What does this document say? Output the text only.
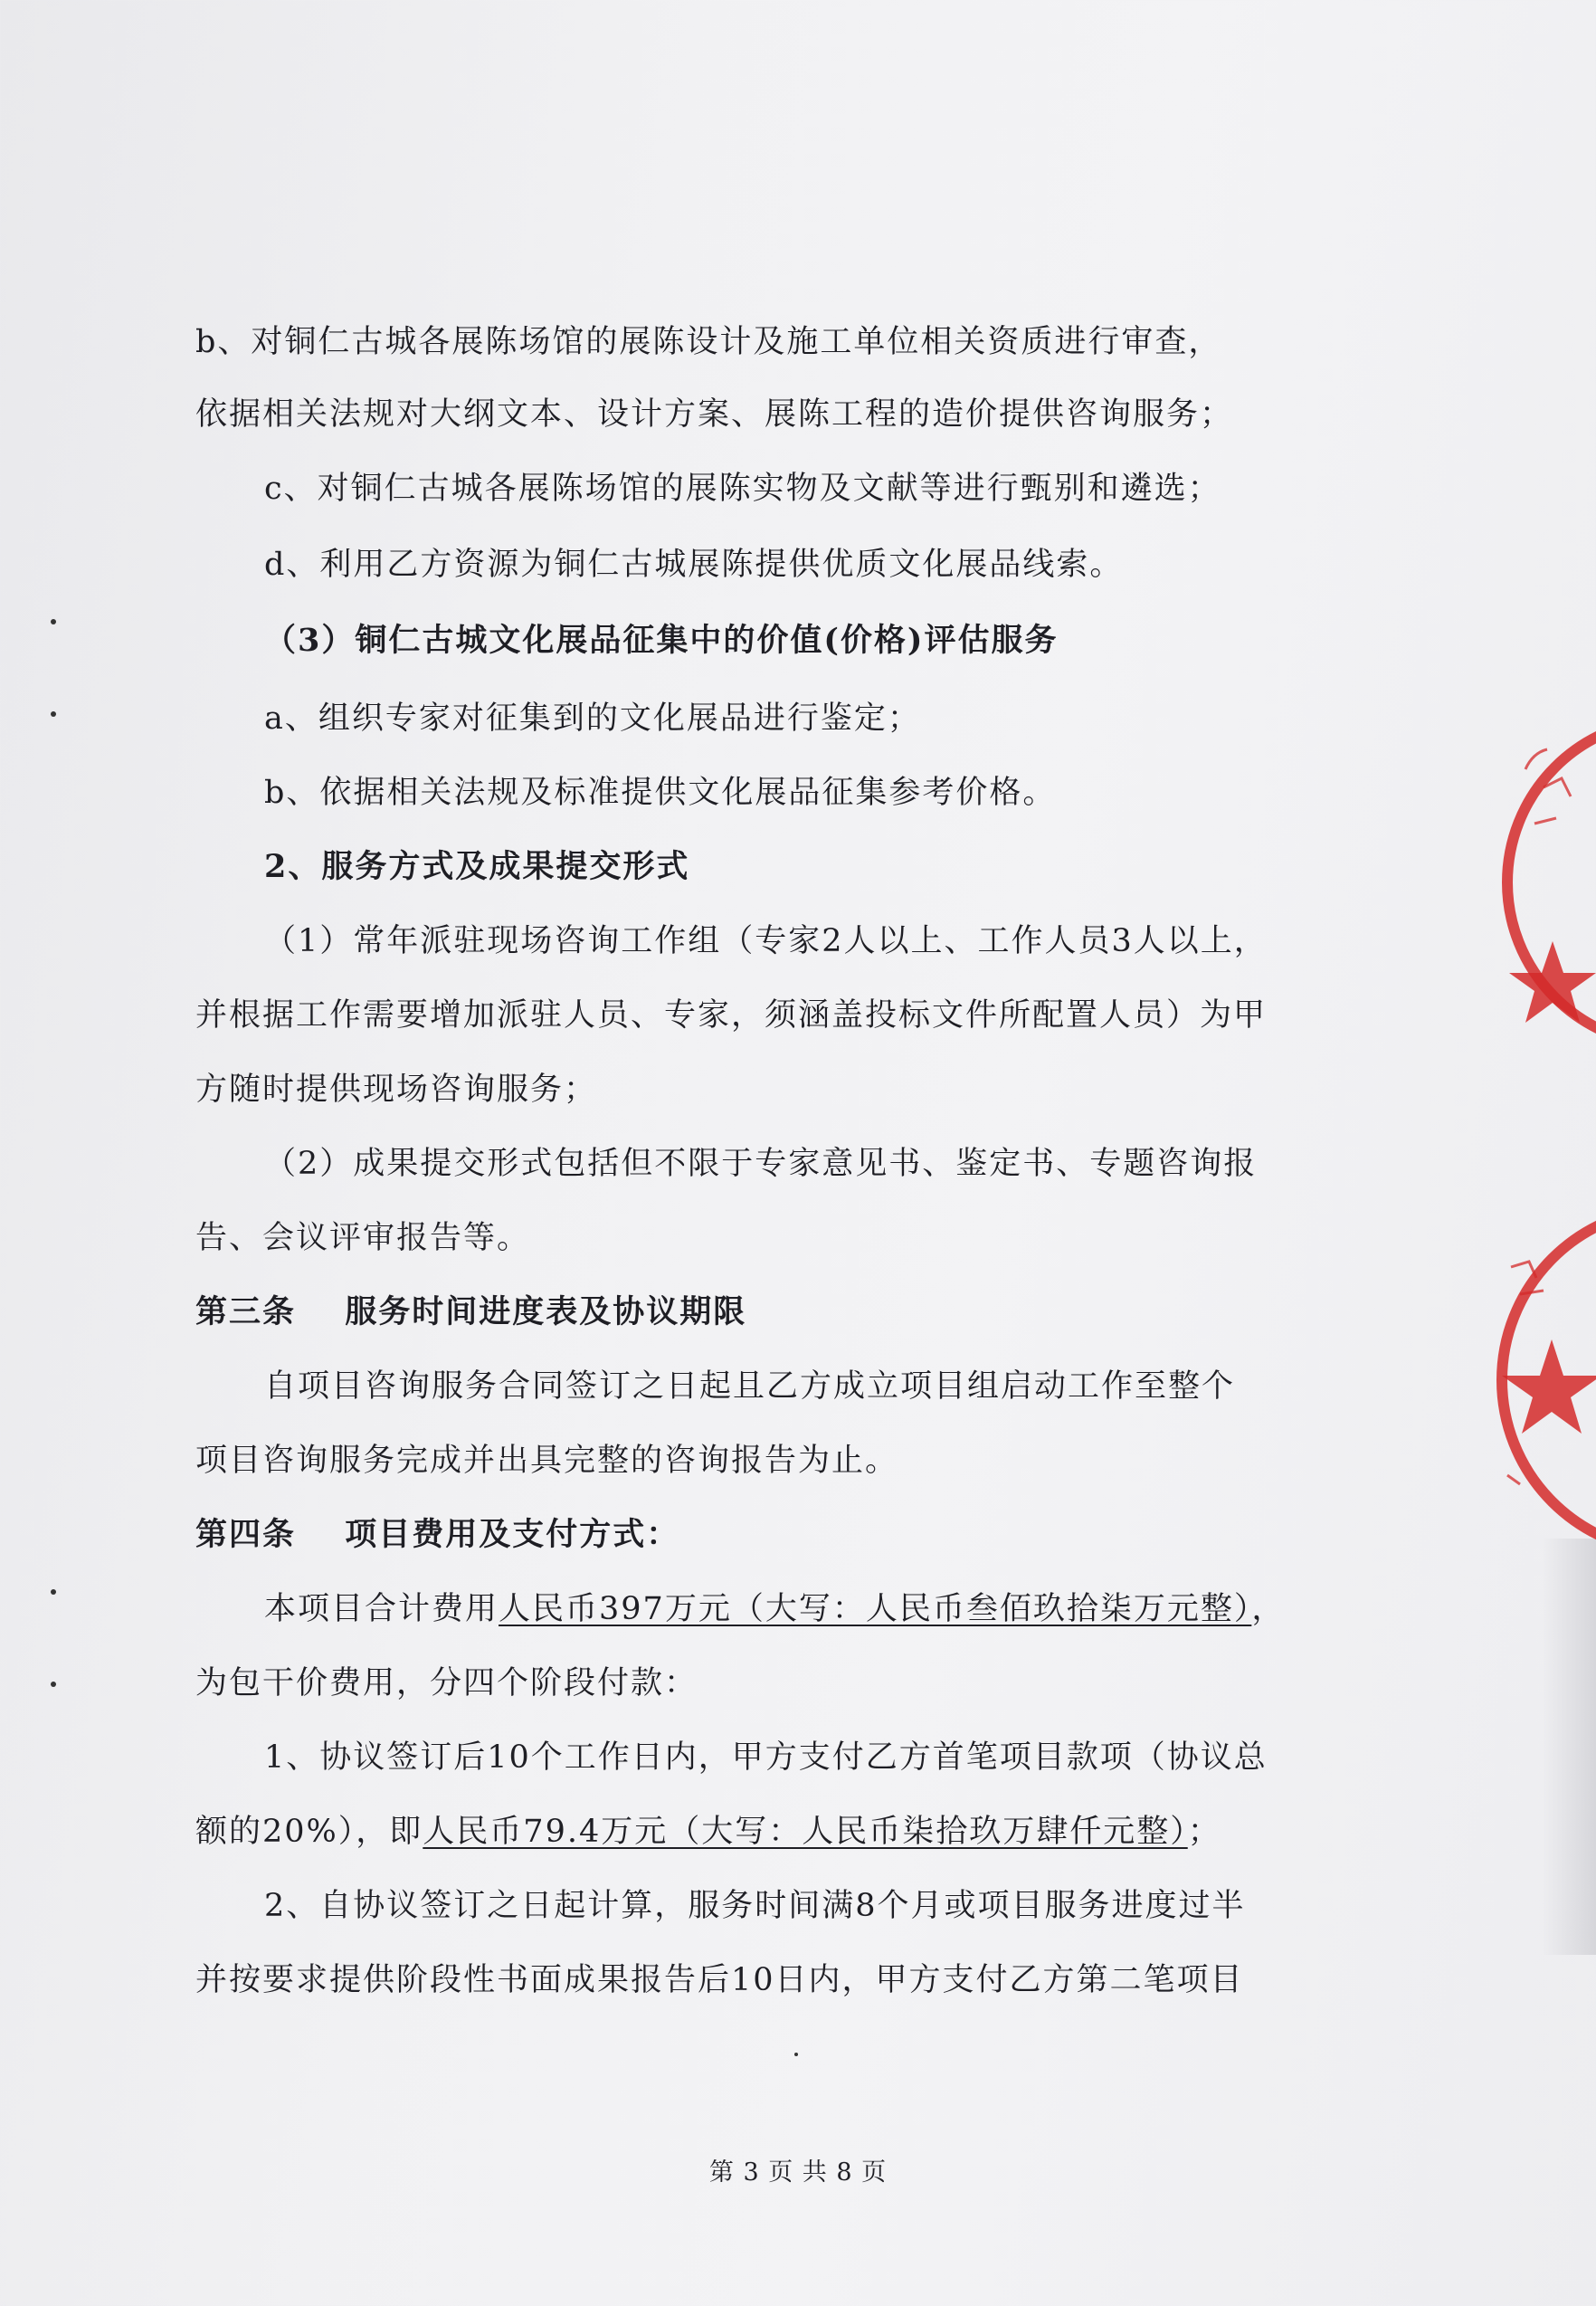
b、对铜仁古城各展陈场馆的展陈设计及施工单位相关资质进行审查，
依据相关法规对大纲文本、设计方案、展陈工程的造价提供咨询服务；
c、对铜仁古城各展陈场馆的展陈实物及文献等进行甄别和遴选；
d、利用乙方资源为铜仁古城展陈提供优质文化展品线索。
（3）铜仁古城文化展品征集中的价值(价格)评估服务
a、组织专家对征集到的文化展品进行鉴定；
b、依据相关法规及标准提供文化展品征集参考价格。
2、服务方式及成果提交形式
（1）常年派驻现场咨询工作组（专家2人以上、工作人员3人以上，
并根据工作需要增加派驻人员、专家，须涵盖投标文件所配置人员）为甲
方随时提供现场咨询服务；
（2）成果提交形式包括但不限于专家意见书、鉴定书、专题咨询报
告、会议评审报告等。
第三条 服务时间进度表及协议期限
自项目咨询服务合同签订之日起且乙方成立项目组启动工作至整个
项目咨询服务完成并出具完整的咨询报告为止。
第四条 项目费用及支付方式：
本项目合计费用人民币397万元（大写：人民币叁佰玖拾柒万元整），
为包干价费用，分四个阶段付款：
1、协议签订后10个工作日内，甲方支付乙方首笔项目款项（协议总
额的20%），即人民币79.4万元（大写：人民币柒拾玖万肆仟元整）；
2、自协议签订之日起计算，服务时间满8个月或项目服务进度过半
并按要求提供阶段性书面成果报告后10日内，甲方支付乙方第二笔项目
第 3 页 共 8 页
